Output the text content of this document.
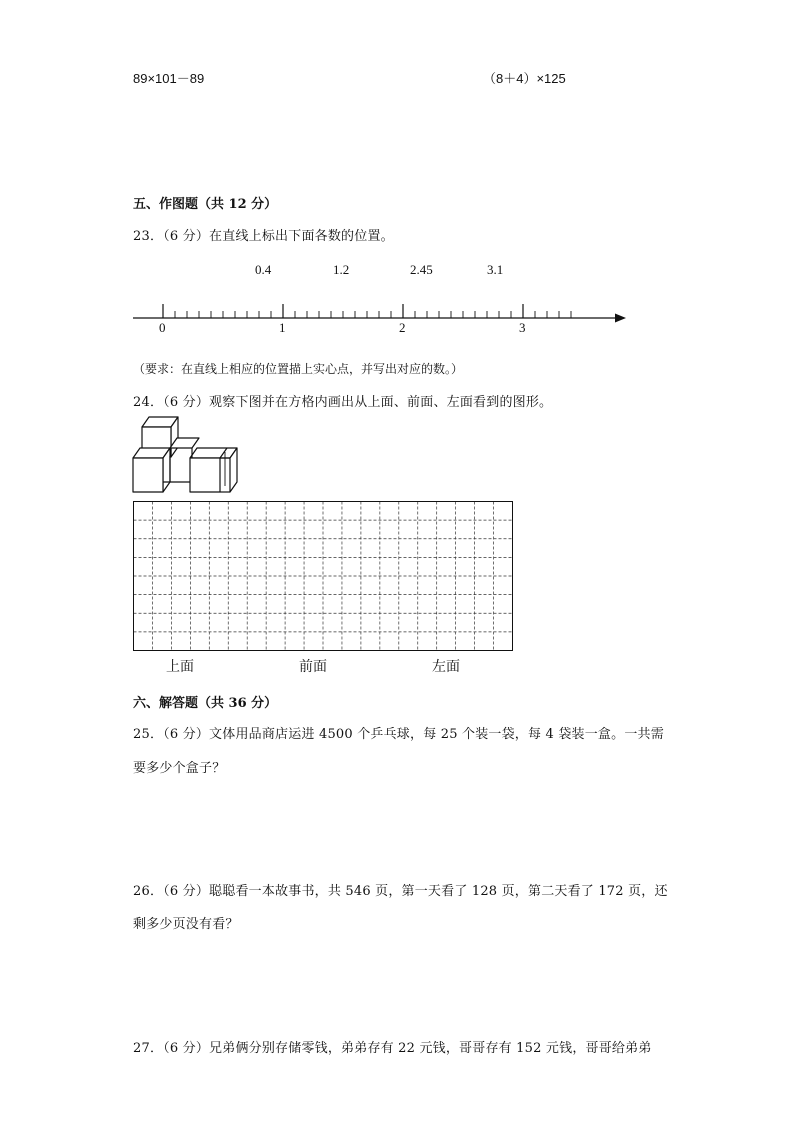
89×101－89	（8＋4）×125
五、作图题（共 12 分）
23．（6 分）在直线上标出下面各数的位置。
0.4	1.2	2.45	3.1
0	1	2	3
（要求：在直线上相应的位置描上实心点，并写出对应的数。）
24．（6 分）观察下图并在方格内画出从上面、前面、左面看到的图形。
上面	前面	左面
六、解答题（共 36 分）
25．（6 分）文体用品商店运进 4500 个乒乓球，每 25 个装一袋，每 4 袋装一盒。一共需
要多少个盒子？
26．（6 分）聪聪看一本故事书，共 546 页，第一天看了 128 页，第二天看了 172 页，还
剩多少页没有看？
27．（6 分）兄弟俩分别存储零钱，弟弟存有 22 元钱，哥哥存有 152 元钱，哥哥给弟弟
